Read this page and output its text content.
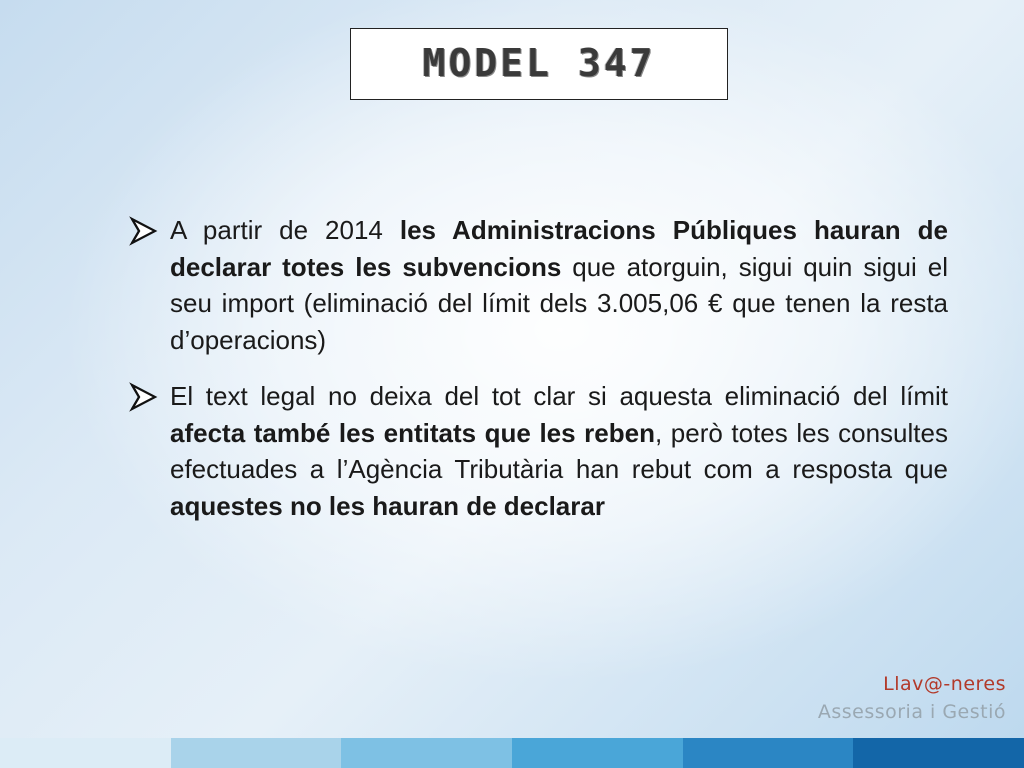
MODEL 347
A partir de 2014 les Administracions Públiques hauran de declarar totes les subvencions que atorguin, sigui quin sigui el seu import (eliminació del límit dels 3.005,06 € que tenen la resta d’operacions)
El text legal no deixa del tot clar si aquesta eliminació del límit afecta també les entitats que les reben, però totes les consultes efectuades a l’Agència Tributària han rebut com a resposta que aquestes no les hauran de declarar
Llav@-neres
Assessoria i Gestió
